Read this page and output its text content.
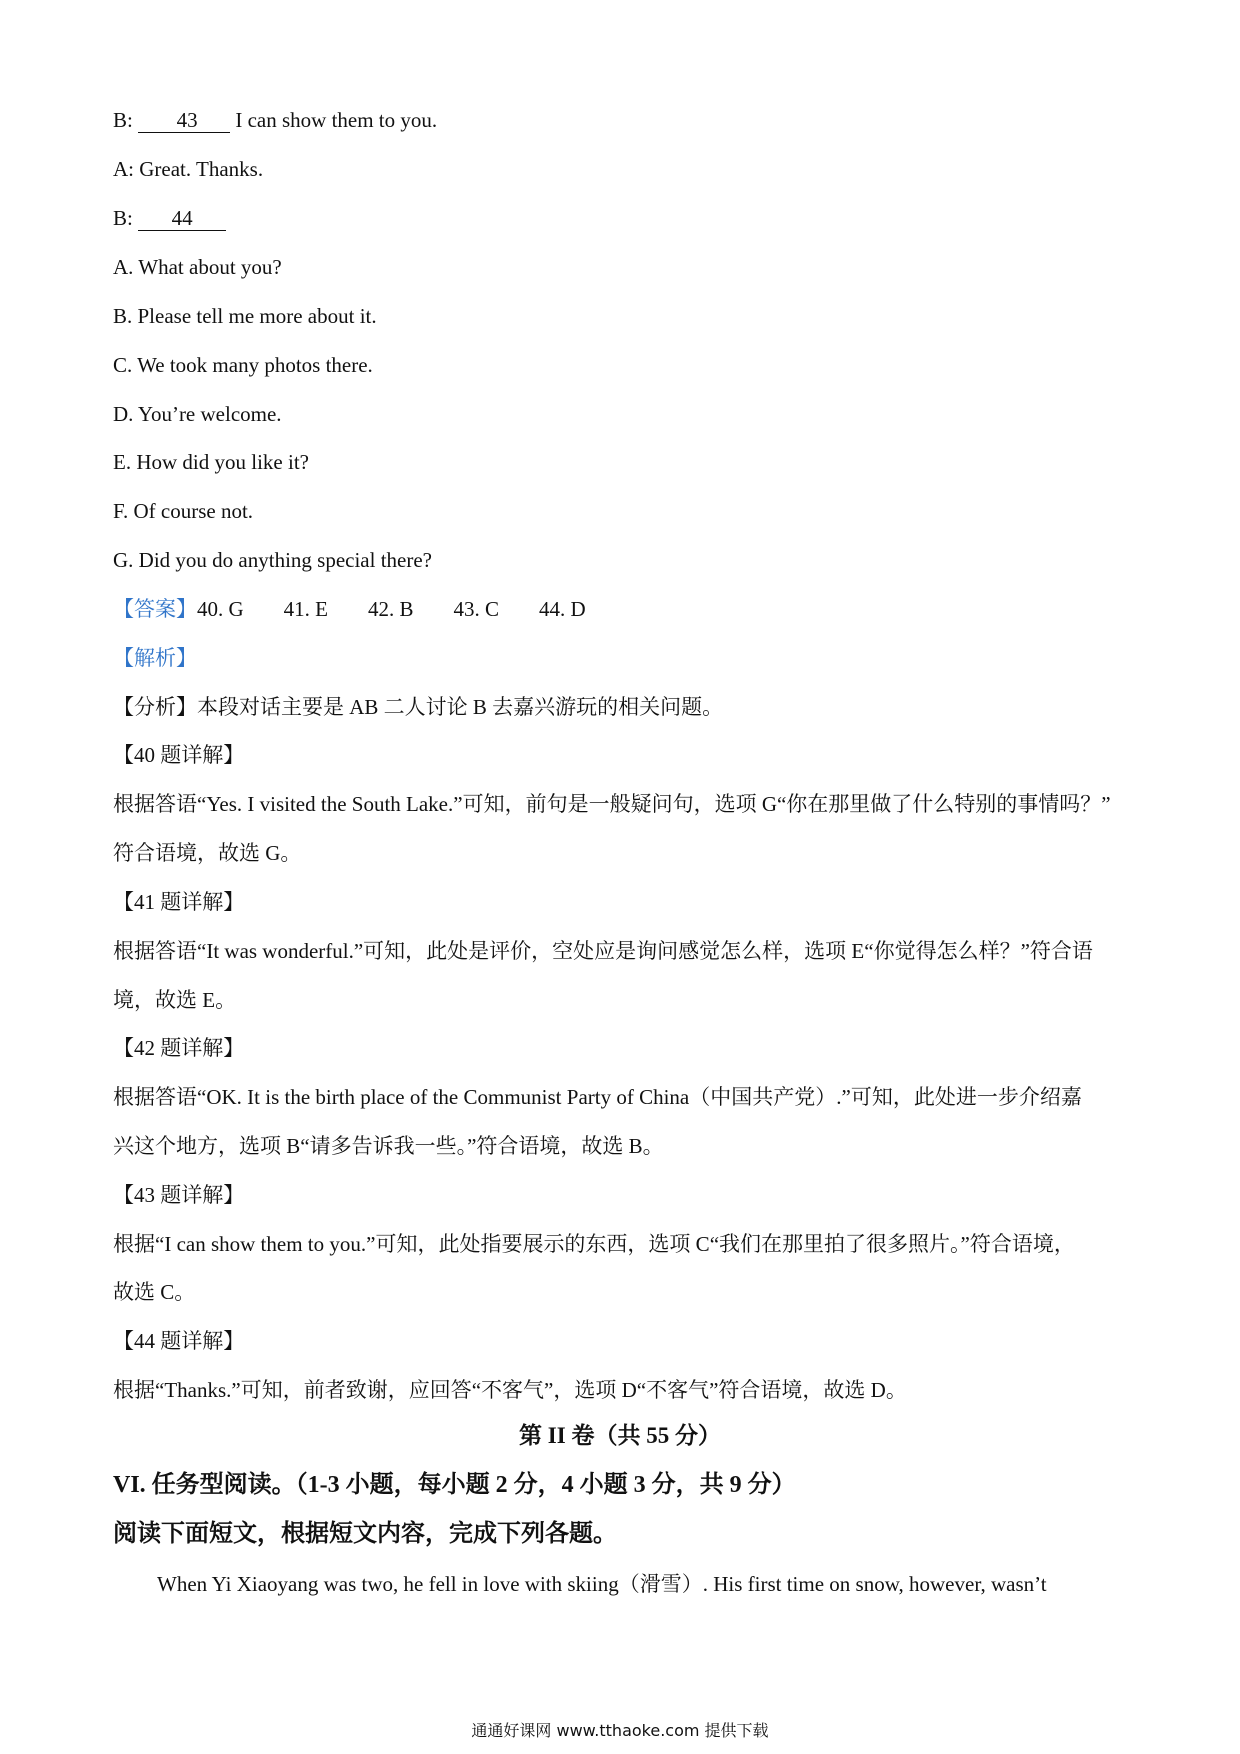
B: 43 I can show them to you.
A: Great. Thanks.
B: 44
A. What about you?
B. Please tell me more about it.
C. We took many photos there.
D. You’re welcome.
E. How did you like it?
F. Of course not.
G. Did you do anything special there?
【答案】40. G 41. E 42. B 43. C 44. D
【解析】
【分析】本段对话主要是 AB 二人讨论 B 去嘉兴游玩的相关问题。
【40 题详解】
根据答语“Yes. I visited the South Lake.”可知，前句是一般疑问句，选项 G“你在那里做了什么特别的事情吗？”
符合语境，故选 G。
【41 题详解】
根据答语“It was wonderful.”可知，此处是评价，空处应是询问感觉怎么样，选项 E“你觉得怎么样？”符合语
境，故选 E。
【42 题详解】
根据答语“OK. It is the birth place of the Communist Party of China（中国共产党）.”可知，此处进一步介绍嘉
兴这个地方，选项 B“请多告诉我一些。”符合语境，故选 B。
【43 题详解】
根据“I can show them to you.”可知，此处指要展示的东西，选项 C“我们在那里拍了很多照片。”符合语境，
故选 C。
【44 题详解】
根据“Thanks.”可知，前者致谢，应回答“不客气”，选项 D“不客气”符合语境，故选 D。
第 II 卷（共 55 分）
VI. 任务型阅读。（1-3 小题，每小题 2 分，4 小题 3 分，共 9 分）
阅读下面短文，根据短文内容，完成下列各题。
When Yi Xiaoyang was two, he fell in love with skiing（滑雪）. His first time on snow, however, wasn’t
通通好课网 www.tthaoke.com 提供下载
